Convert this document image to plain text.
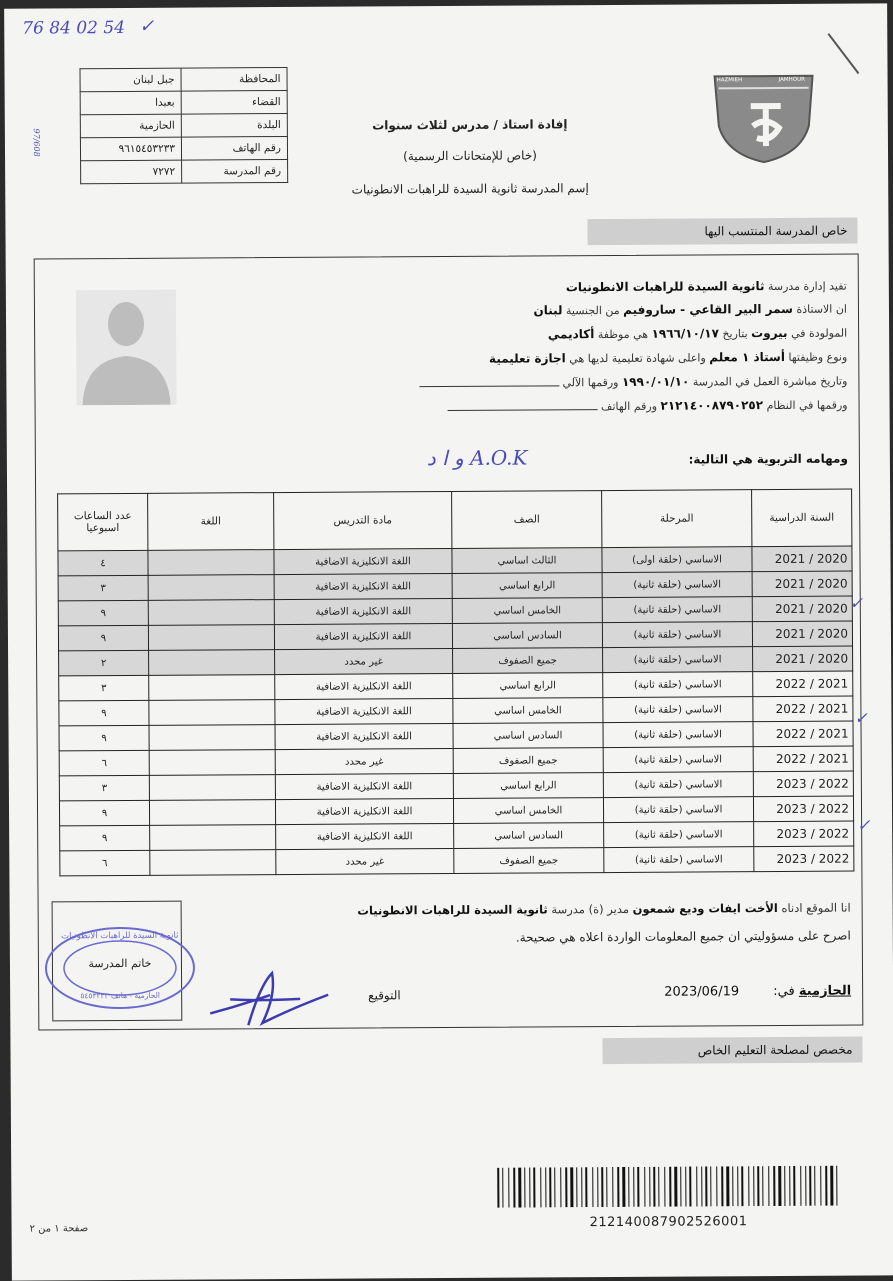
76 84 02 54 ✓
97/608
المحافظة	جبل لبنان
القضاء	بعبدا
البلدة	الحازمية
رقم الهاتف	٩٦١٥٤٥٣٢٣٣
رقم المدرسة	٧٢٧٢
إفادة استاذ / مدرس لثلاث سنوات
(خاص للإمتحانات الرسمية)
إسم المدرسة ثانوية السيدة للراهبات الانطونيات
HAZMIEH	JAMHOUR
خاص المدرسة المنتسب اليها
تفيد إدارة مدرسة ثانوية السيدة للراهبات الانطونيات
ان الاستاذة سمر البير القاعي - ساروفيم من الجنسية لبنان
المولودة في بيروت بتاريخ ١٩٦٦/١٠/١٧ هي موظفة أكاديمي
ونوع وظيفتها أستاذ ١ معلم واعلى شهادة تعليمية لديها هي اجازة تعليمية
وتاريخ مباشرة العمل في المدرسة ١٩٩٠/٠١/١٠ ورقمها الآلي
ورقمها في النظام ٢١٢١٤٠٠٨٧٩٠٢٥٢ ورقم الهاتف
ومهامه التربوية هي التالية:
و ا د A.O.K
السنة الدراسية	المرحلة	الصف	مادة التدريس	اللغة	عدد الساعات اسبوعيا
2020 / 2021	الاساسي (حلقة اولى)	الثالث اساسي	اللغة الانكليزية الاضافية		٤
2020 / 2021	الاساسي (حلقة ثانية)	الرابع اساسي	اللغة الانكليزية الاضافية		٣
2020 / 2021	الاساسي (حلقة ثانية)	الخامس اساسي	اللغة الانكليزية الاضافية		٩
2020 / 2021	الاساسي (حلقة ثانية)	السادس اساسي	اللغة الانكليزية الاضافية		٩
2020 / 2021	الاساسي (حلقة ثانية)	جميع الصفوف	غير محدد		٢
2021 / 2022	الاساسي (حلقة ثانية)	الرابع اساسي	اللغة الانكليزية الاضافية		٣
2021 / 2022	الاساسي (حلقة ثانية)	الخامس اساسي	اللغة الانكليزية الاضافية		٩
2021 / 2022	الاساسي (حلقة ثانية)	السادس اساسي	اللغة الانكليزية الاضافية		٩
2021 / 2022	الاساسي (حلقة ثانية)	جميع الصفوف	غير محدد		٦
2022 / 2023	الاساسي (حلقة ثانية)	الرابع اساسي	اللغة الانكليزية الاضافية		٣
2022 / 2023	الاساسي (حلقة ثانية)	الخامس اساسي	اللغة الانكليزية الاضافية		٩
2022 / 2023	الاساسي (حلقة ثانية)	السادس اساسي	اللغة الانكليزية الاضافية		٩
2022 / 2023	الاساسي (حلقة ثانية)	جميع الصفوف	غير محدد		٦
✓
✓
✓
انا الموقع ادناه الأخت ايفات وديع شمعون مدير (ة) مدرسة ثانوية السيدة للراهبات الانطونيات
اصرح على مسؤوليتي ان جميع المعلومات الواردة اعلاه هي صحيحة.
الحازمية في: 2023/06/19
التوقيع
ثانوية السيدة للراهبات الانطونيات
خاتم المدرسة
الحازمية - هاتف ٥٤٥٣٢٣٣
مخصص لمصلحة التعليم الخاص
21214008790252600​1
صفحة ١ من ٢
